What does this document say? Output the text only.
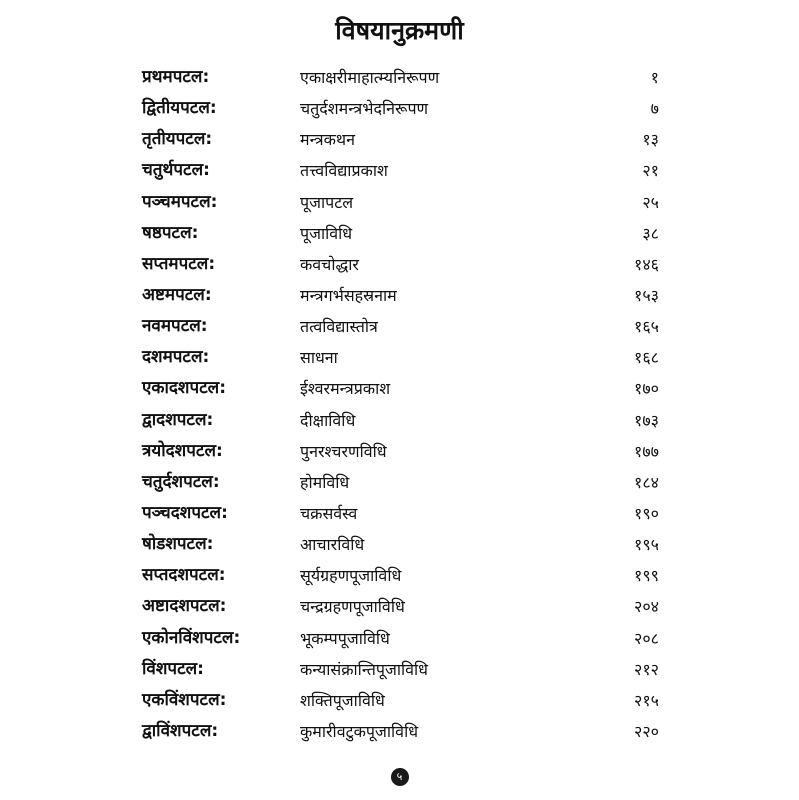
विषयानुक्रमणी
प्रथमपटल:	एकाक्षरीमाहात्म्यनिरूपण	१
द्वितीयपटल:	चतुर्दशमन्त्रभेदनिरूपण	७
तृतीयपटल:	मन्त्रकथन	१३
चतुर्थपटल:	तत्त्वविद्याप्रकाश	२१
पञ्चमपटल:	पूजापटल	२५
षष्ठपटल:	पूजाविधि	३८
सप्तमपटल:	कवचोद्धार	१४६
अष्टमपटल:	मन्त्रगर्भसहस्रनाम	१५३
नवमपटल:	तत्वविद्यास्तोत्र	१६५
दशमपटल:	साधना	१६८
एकादशपटल:	ईश्वरमन्त्रप्रकाश	१७०
द्वादशपटल:	दीक्षाविधि	१७३
त्रयोदशपटल:	पुनरश्चरणविधि	१७७
चतुर्दशपटल:	होमविधि	१८४
पञ्चदशपटल:	चक्रसर्वस्व	१९०
षोडशपटल:	आचारविधि	१९५
सप्तदशपटल:	सूर्यग्रहणपूजाविधि	१९९
अष्टादशपटल:	चन्द्रग्रहणपूजाविधि	२०४
एकोनविंशपटल:	भूकम्पपूजाविधि	२०८
विंशपटल:	कन्यासंक्रान्तिपूजाविधि	२१२
एकविंशपटल:	शक्तिपूजाविधि	२१५
द्वाविंशपटल:	कुमारीवटुकपूजाविधि	२२०
५
